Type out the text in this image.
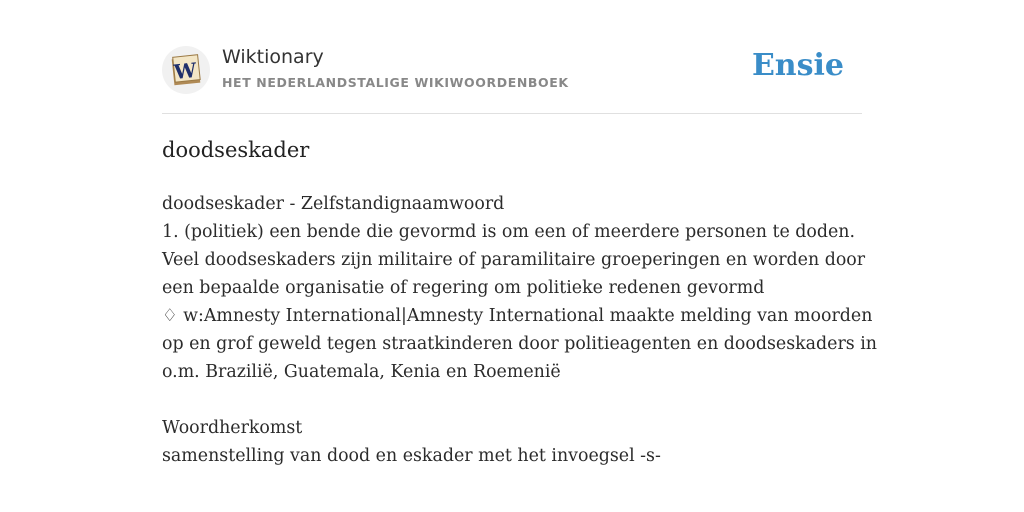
W
Wiktionary
HET NEDERLANDSTALIGE WIKIWOORDENBOEK	Ensie
doodseskader
doodseskader - Zelfstandignaamwoord
1. (politiek) een bende die gevormd is om een of meerdere personen te doden.
Veel doodseskaders zijn militaire of paramilitaire groeperingen en worden door
een bepaalde organisatie of regering om politieke redenen gevormd
♢ w:Amnesty International|Amnesty International maakte melding van moorden
op en grof geweld tegen straatkinderen door politieagenten en doodseskaders in
o.m. Brazilië, Guatemala, Kenia en Roemenië
Woordherkomst
samenstelling van dood en eskader met het invoegsel -s-
